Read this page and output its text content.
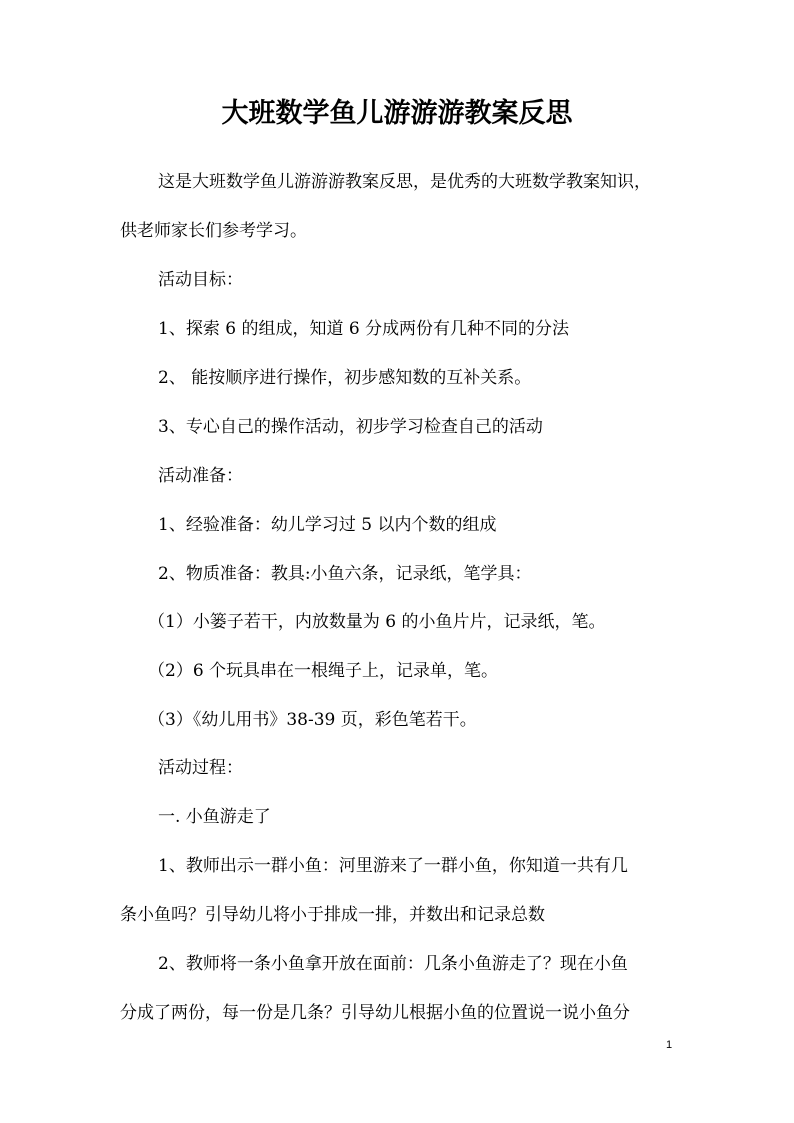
大班数学鱼儿游游游教案反思
这是大班数学鱼儿游游游教案反思，是优秀的大班数学教案知识，
供老师家长们参考学习。
活动目标：
1、探索 6 的组成，知道 6 分成两份有几种不同的分法
2、 能按顺序进行操作，初步感知数的互补关系。
3、专心自己的操作活动，初步学习检查自己的活动
活动准备：
1、经验准备：幼儿学习过 5 以内个数的组成
2、物质准备：教具:小鱼六条，记录纸，笔学具：
（1）小篓子若干，内放数量为 6 的小鱼片片，记录纸，笔。
（2）6 个玩具串在一根绳子上，记录单，笔。
（3）《幼儿用书》38-39 页，彩色笔若干。
活动过程：
一. 小鱼游走了
1、教师出示一群小鱼：河里游来了一群小鱼，你知道一共有几
条小鱼吗？引导幼儿将小于排成一排，并数出和记录总数
2、教师将一条小鱼拿开放在面前：几条小鱼游走了？现在小鱼
分成了两份，每一份是几条？引导幼儿根据小鱼的位置说一说小鱼分
1
